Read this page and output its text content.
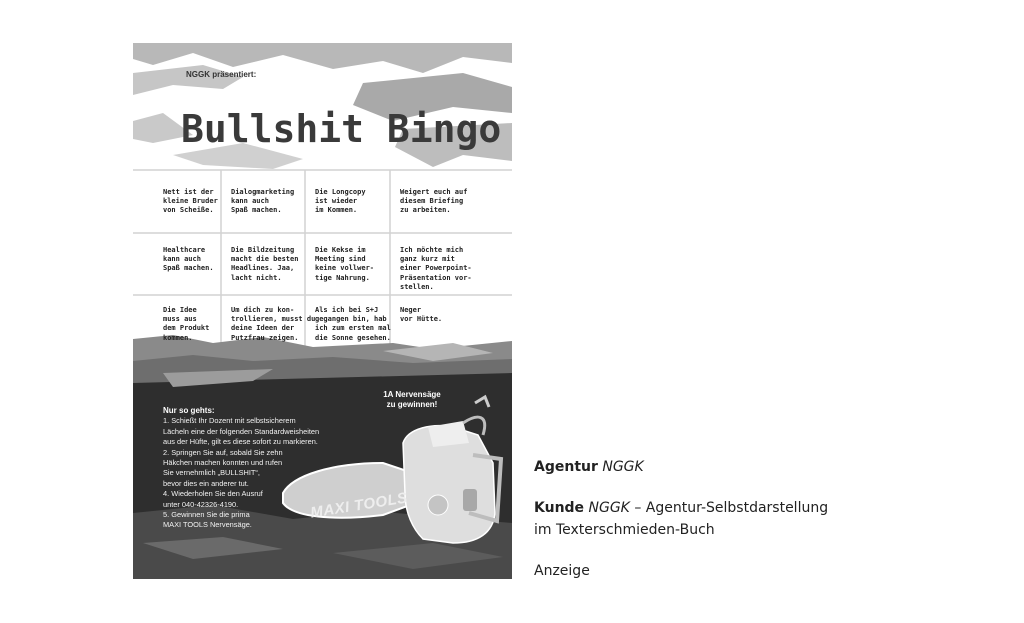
NGGK präsentiert:
Bullshit Bingo
Nett ist der
kleine Bruder
von Scheiße.
Dialogmarketing
kann auch
Spaß machen.
Die Longcopy
ist wieder
im Kommen.
Weigert euch auf
diesem Briefing
zu arbeiten.
Healthcare
kann auch
Spaß machen.
Die Bildzeitung
macht die besten
Headlines. Jaa,
lacht nicht.
Die Kekse im
Meeting sind
keine vollwer-
tige Nahrung.
Ich möchte mich
ganz kurz mit
einer Powerpoint-
Präsentation vor-
stellen.
Die Idee
muss aus
dem Produkt
kommen.
Um dich zu kon-
trollieren, musst du
deine Ideen der
Putzfrau zeigen.
Als ich bei S+J
gegangen bin, hab
ich zum ersten mal
die Sonne gesehen.
Neger
vor Hütte.
1A Nervensäge
zu gewinnen!
Nur so gehts:
1. Schießt Ihr Dozent mit selbstsicherem
Lächeln eine der folgenden Standardweisheiten
aus der Hüfte, gilt es diese sofort zu markieren.
2. Springen Sie auf, sobald Sie zehn
Häkchen machen konnten und rufen
Sie vernehmlich „BULLSHIT“,
bevor dies ein anderer tut.
4. Wiederholen Sie den Ausruf
unter 040-42326-4190.
5. Gewinnen Sie die prima
MAXI TOOLS Nervensäge.
MAXI TOOLS
Agentur NGGK
Kunde NGGK – Agentur-Selbstdarstellung
im Texterschmieden-Buch
Anzeige
